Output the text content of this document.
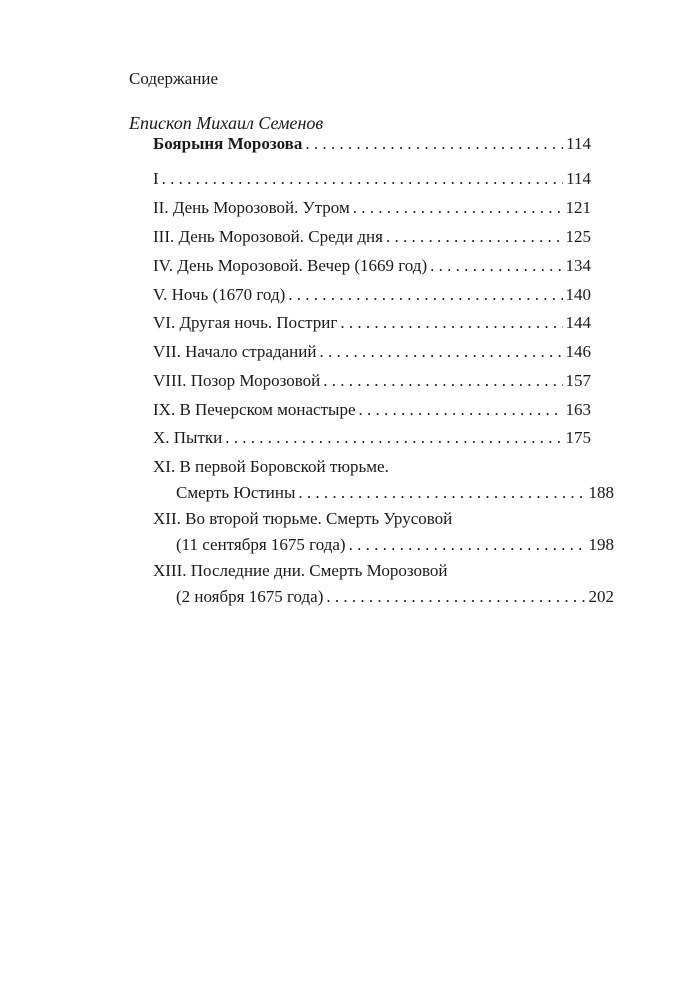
Содержание
Епископ Михаил Семенов
Боярыня Морозова . . .	114
I . . .	114
II. День Морозовой. Утром . . .	121
III. День Морозовой. Среди дня . . .	125
IV. День Морозовой. Вечер (1669 год) . . .	134
V. Ночь (1670 год) . . .	140
VI. Другая ночь. Постриг . . .	144
VII. Начало страданий . . .	146
VIII. Позор Морозовой . . .	157
IX. В Печерском монастыре . . .	163
X. Пытки . . .	175
XI. В первой Боровской тюрьме.
Смерть Юстины . . .	188
XII. Во второй тюрьме. Смерть Урусовой
(11 сентября 1675 года) . . .	198
XIII. Последние дни. Смерть Морозовой
(2 ноября 1675 года) . . .	202
